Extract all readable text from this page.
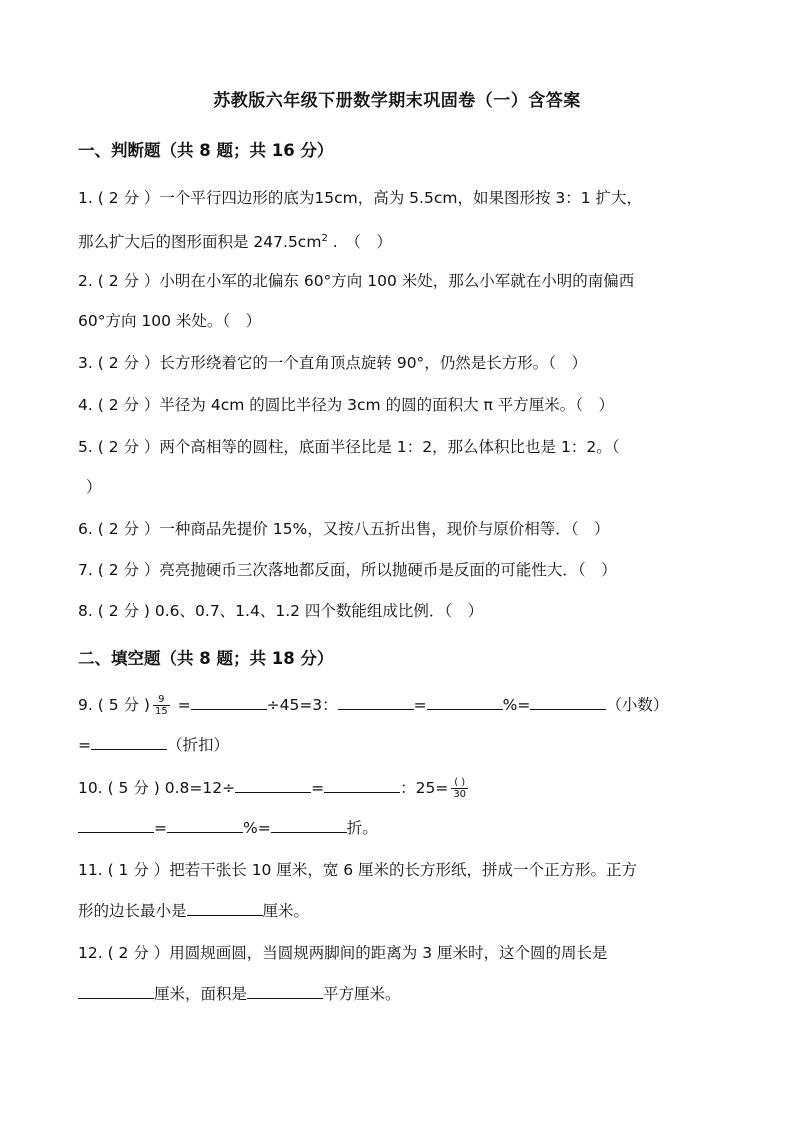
苏教版六年级下册数学期末巩固卷（一）含答案
一、判断题（共 8 题；共 16 分）
1. ( 2 分 ）一个平行四边形的底为15cm，高为 5.5cm，如果图形按 3：1 扩大，
那么扩大后的图形面积是 $247.5cm^2$ .　（　）
2. ( 2 分 ）小明在小军的北偏东 60°方向 100 米处，那么小军就在小明的南偏西
60°方向 100 米处。（　）
3. ( 2 分 ）长方形绕着它的一个直角顶点旋转 90°，仍然是长方形。（　）
4. ( 2 分 ）半径为 4cm 的圆比半径为 3cm 的圆的面积大 π 平方厘米。（　）
5. ( 2 分 ）两个高相等的圆柱，底面半径比是 1：2，那么体积比也是 1：2。（
）
6. ( 2 分 ）一种商品先提价 15%，又按八五折出售，现价与原价相等．（　）
7. ( 2 分 ）亮亮抛硬币三次落地都反面，所以抛硬币是反面的可能性大．（　）
8. ( 2 分 ) 0.6、0.7、1.4、1.2 四个数能组成比例．（　）
二、填空题（共 8 题；共 18 分）
9. ( 5 分 ) $\frac{9}{15}$ =	÷45=3：	=	%=	（小数）
=	（折扣）
10. ( 5 分 ) 0.8=12÷	=	：$25= \frac{( )}{30}$
=	%=	折。
11. ( 1 分 ）把若干张长 10 厘米，宽 6 厘米的长方形纸，拼成一个正方形。正方
形的边长最小是	厘米。
12. ( 2 分 ）用圆规画圆，当圆规两脚间的距离为 3 厘米时，这个圆的周长是
厘米，面积是	平方厘米。
